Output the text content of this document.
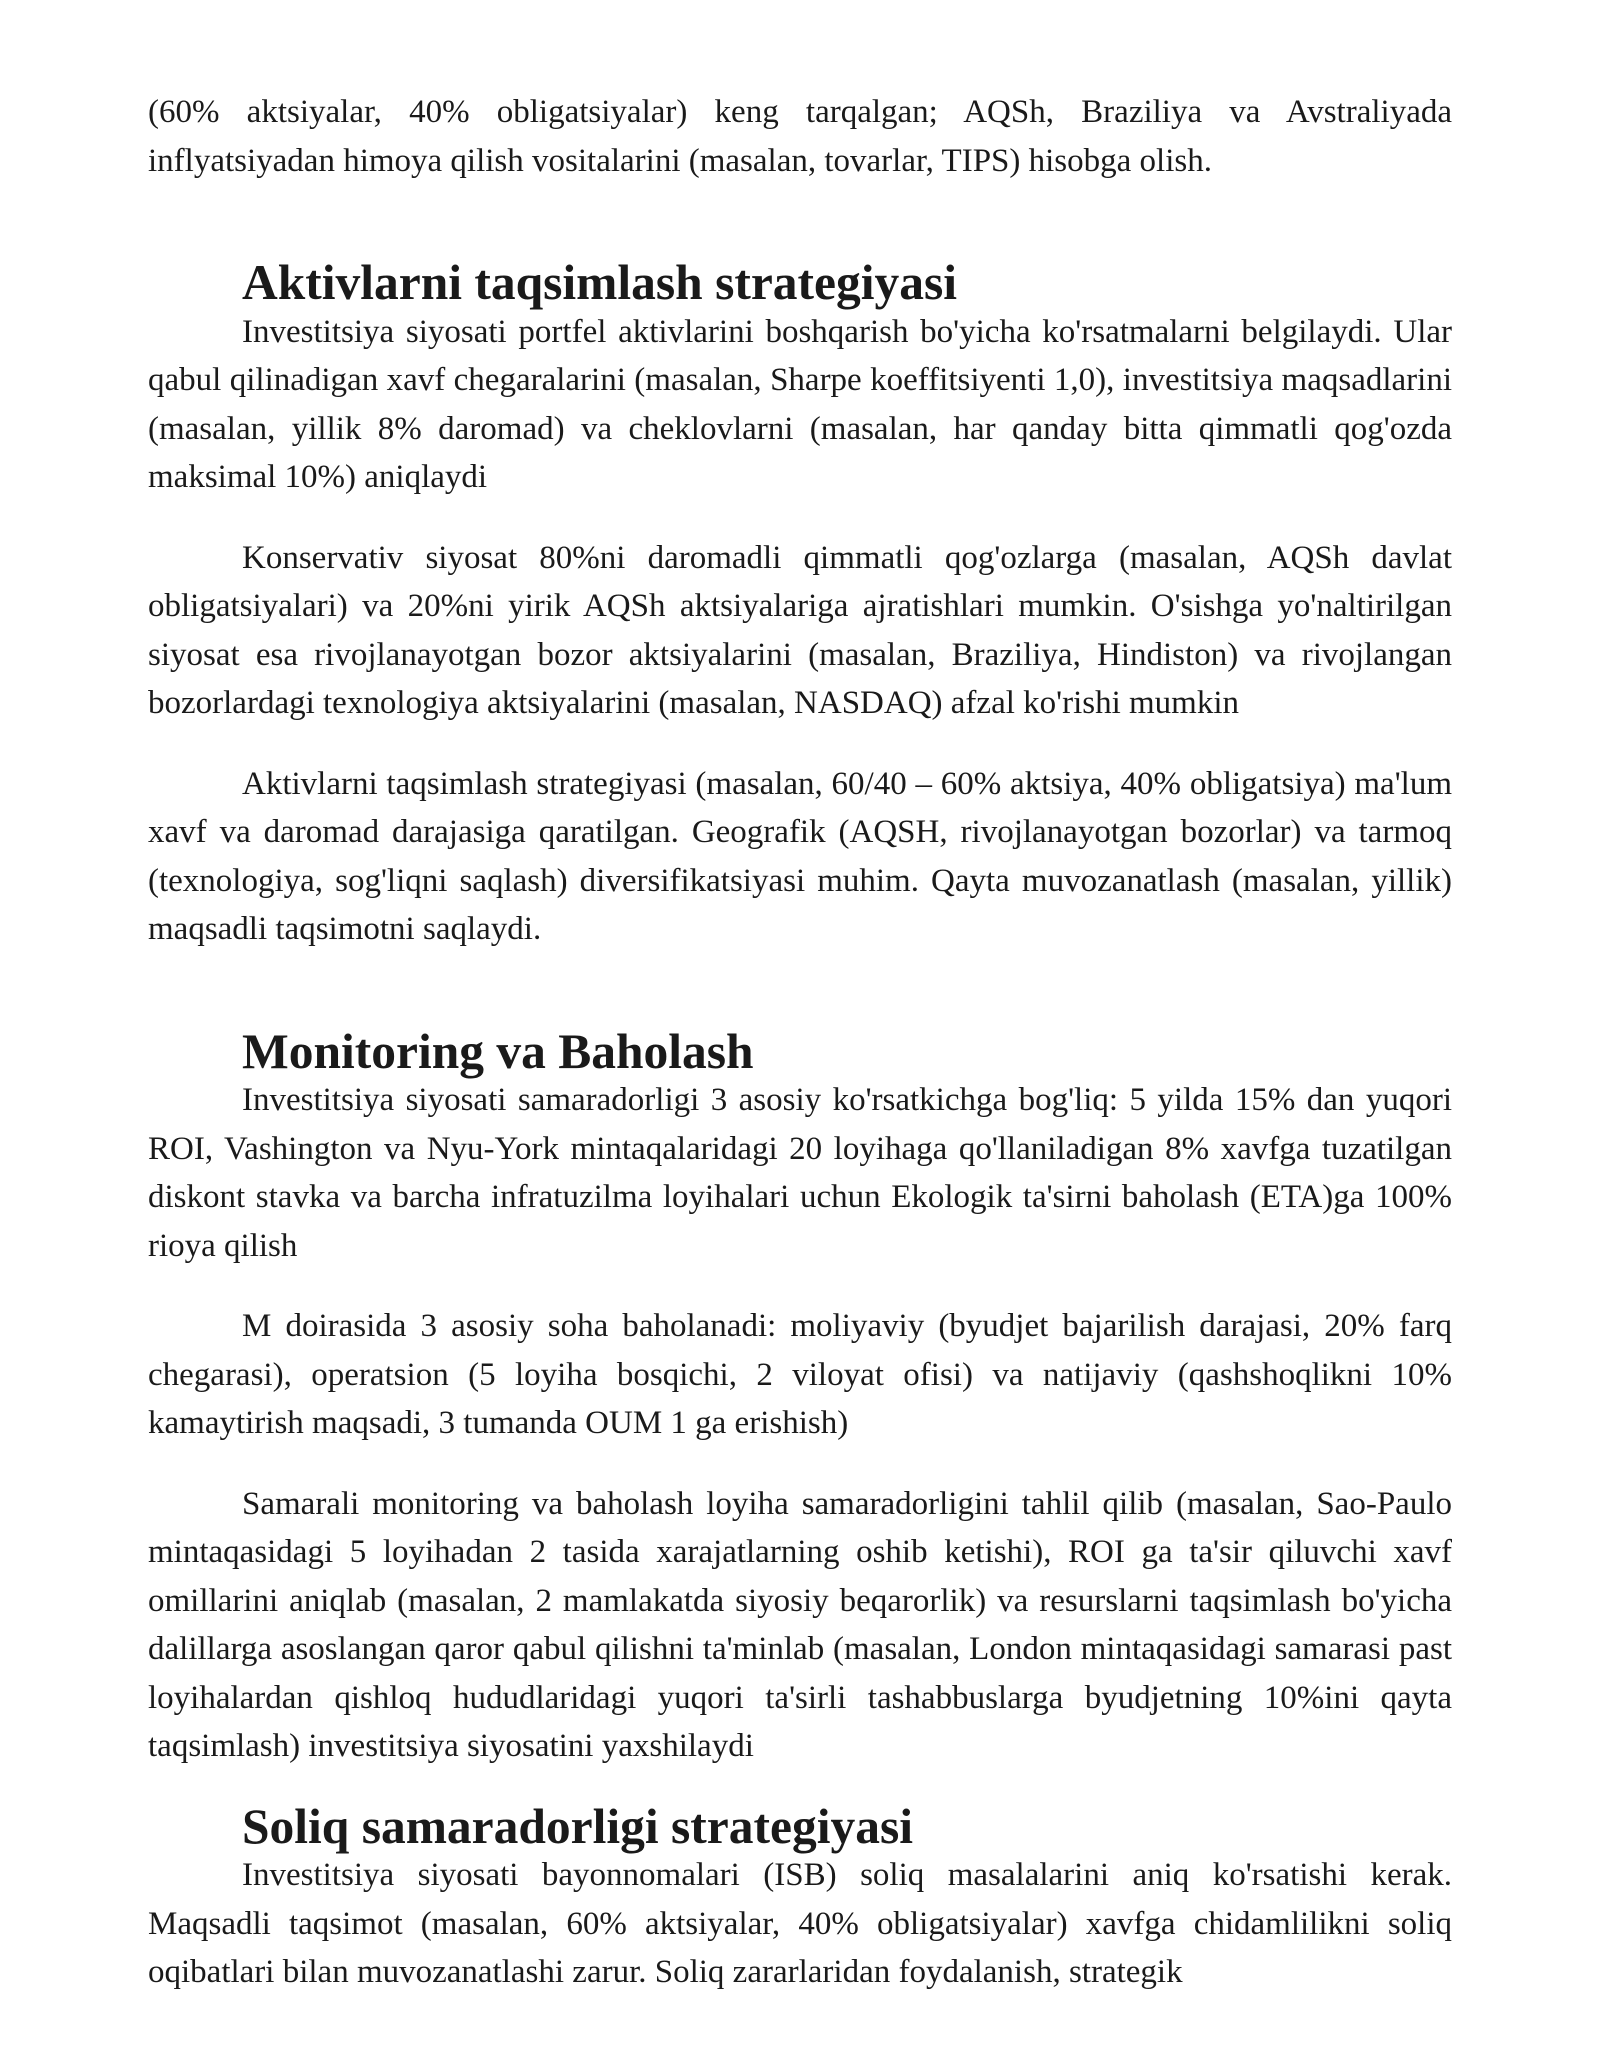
(60% aktsiyalar, 40% obligatsiyalar) keng tarqalgan; AQSh, Braziliya va Avstraliyada inflyatsiyadan himoya qilish vositalarini (masalan, tovarlar, TIPS) hisobga olish.

Aktivlarni taqsimlash strategiyasi

Investitsiya siyosati portfel aktivlarini boshqarish bo'yicha ko'rsatmalarni belgilaydi. Ular qabul qilinadigan xavf chegaralarini (masalan, Sharpe koeffitsiyenti 1,0), investitsiya maqsadlarini (masalan, yillik 8% daromad) va cheklovlarni (masalan, har qanday bitta qimmatli qog'ozda maksimal 10%) aniqlaydi

Konservativ siyosat 80%ni daromadli qimmatli qog'ozlarga (masalan, AQSh davlat obligatsiyalari) va 20%ni yirik AQSh aktsiyalariga ajratishlari mumkin. O'sishga yo'naltirilgan siyosat esa rivojlanayotgan bozor aktsiyalarini (masalan, Braziliya, Hindiston) va rivojlangan bozorlardagi texnologiya aktsiyalarini (masalan, NASDAQ) afzal ko'rishi mumkin

Aktivlarni taqsimlash strategiyasi (masalan, 60/40 – 60% aktsiya, 40% obligatsiya) ma'lum xavf va daromad darajasiga qaratilgan. Geografik (AQSH, rivojlanayotgan bozorlar) va tarmoq (texnologiya, sog'liqni saqlash) diversifikatsiyasi muhim. Qayta muvozanatlash (masalan, yillik) maqsadli taqsimotni saqlaydi.

Monitoring va Baholash

Investitsiya siyosati samaradorligi 3 asosiy ko'rsatkichga bog'liq: 5 yilda 15% dan yuqori ROI, Vashington va Nyu-York mintaqalaridagi 20 loyihaga qo'llaniladigan 8% xavfga tuzatilgan diskont stavka va barcha infratuzilma loyihalari uchun Ekologik ta'sirni baholash (ETA)ga 100% rioya qilish

M doirasida 3 asosiy soha baholanadi: moliyaviy (byudjet bajarilish darajasi, 20% farq chegarasi), operatsion (5 loyiha bosqichi, 2 viloyat ofisi) va natijaviy (qashshoqlikni 10% kamaytirish maqsadi, 3 tumanda OUM 1 ga erishish)

Samarali monitoring va baholash loyiha samaradorligini tahlil qilib (masalan, Sao-Paulo mintaqasidagi 5 loyihadan 2 tasida xarajatlarning oshib ketishi), ROI ga ta'sir qiluvchi xavf omillarini aniqlab (masalan, 2 mamlakatda siyosiy beqarorlik) va resurslarni taqsimlash bo'yicha dalillarga asoslangan qaror qabul qilishni ta'minlab (masalan, London mintaqasidagi samarasi past loyihalardan qishloq hududlaridagi yuqori ta'sirli tashabbuslarga byudjetning 10%ini qayta taqsimlash) investitsiya siyosatini yaxshilaydi

Soliq samaradorligi strategiyasi

Investitsiya siyosati bayonnomalari (ISB) soliq masalalarini aniq ko'rsatishi kerak. Maqsadli taqsimot (masalan, 60% aktsiyalar, 40% obligatsiyalar) xavfga chidamlilikni soliq oqibatlari bilan muvozanatlashi zarur. Soliq zararlaridan foydalanish, strategik
